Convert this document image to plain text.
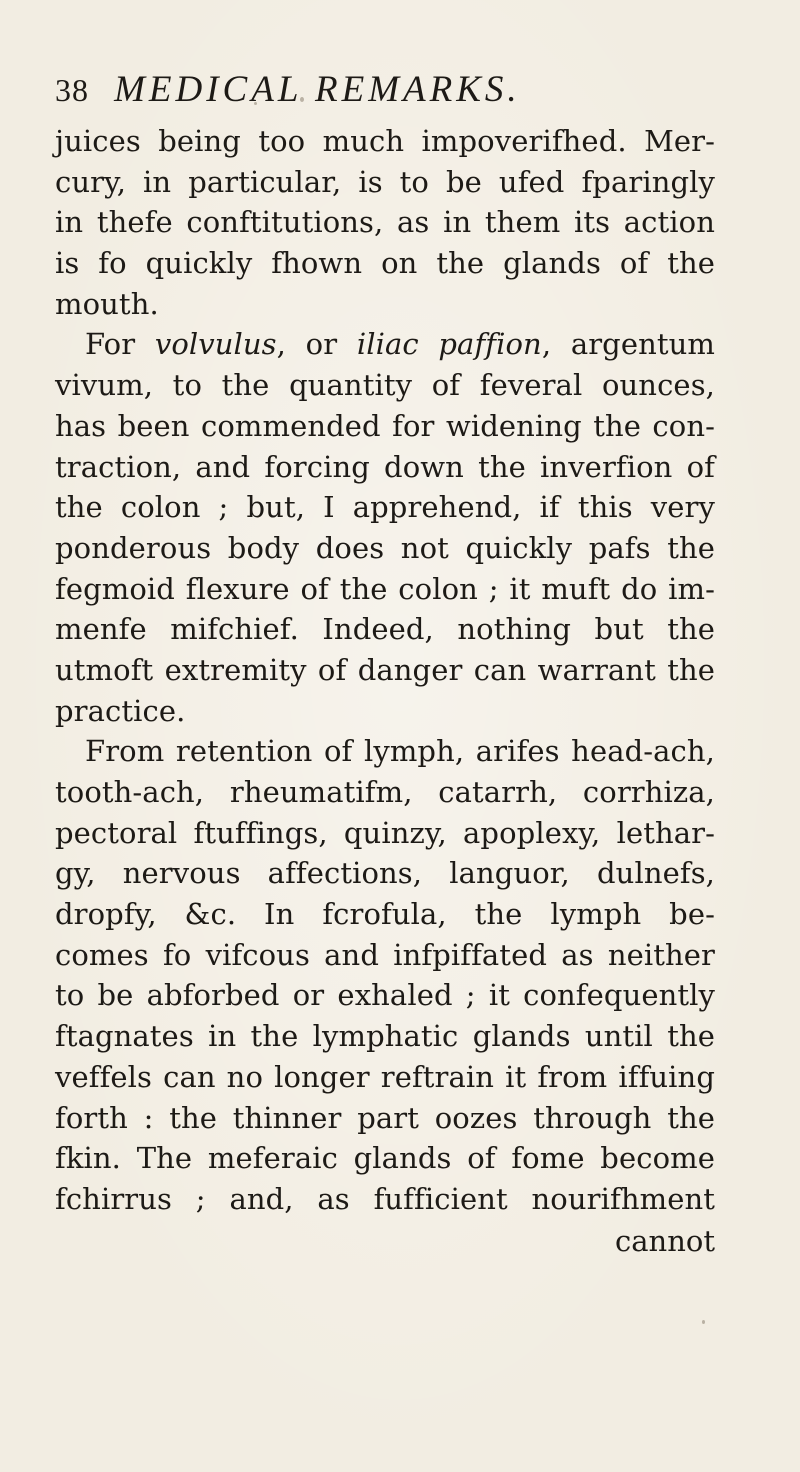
38 MEDICAL REMARKS.
juices being too much impoverifhed. Mer-
cury, in particular, is to be ufed fparingly
in thefe conftitutions, as in them its action
is fo quickly fhown on the glands of the
mouth.
For volvulus, or iliac paffion, argentum
vivum, to the quantity of feveral ounces,
has been commended for widening the con-
traction, and forcing down the inverfion of
the colon ; but, I apprehend, if this very
ponderous body does not quickly pafs the
fegmoid flexure of the colon ; it muft do im-
menfe mifchief. Indeed, nothing but the
utmoft extremity of danger can warrant the
practice.
From retention of lymph, arifes head-ach,
tooth-ach, rheumatifm, catarrh, corrhiza,
pectoral ftuffings, quinzy, apoplexy, lethar-
gy, nervous affections, languor, dulnefs,
dropfy, &c. In fcrofula, the lymph be-
comes fo vifcous and infpiffated as neither
to be abforbed or exhaled ; it confequently
ftagnates in the lymphatic glands until the
veffels can no longer reftrain it from iffuing
forth : the thinner part oozes through the
fkin. The meferaic glands of fome become
fchirrus ; and, as fufficient nourifhment
cannot
